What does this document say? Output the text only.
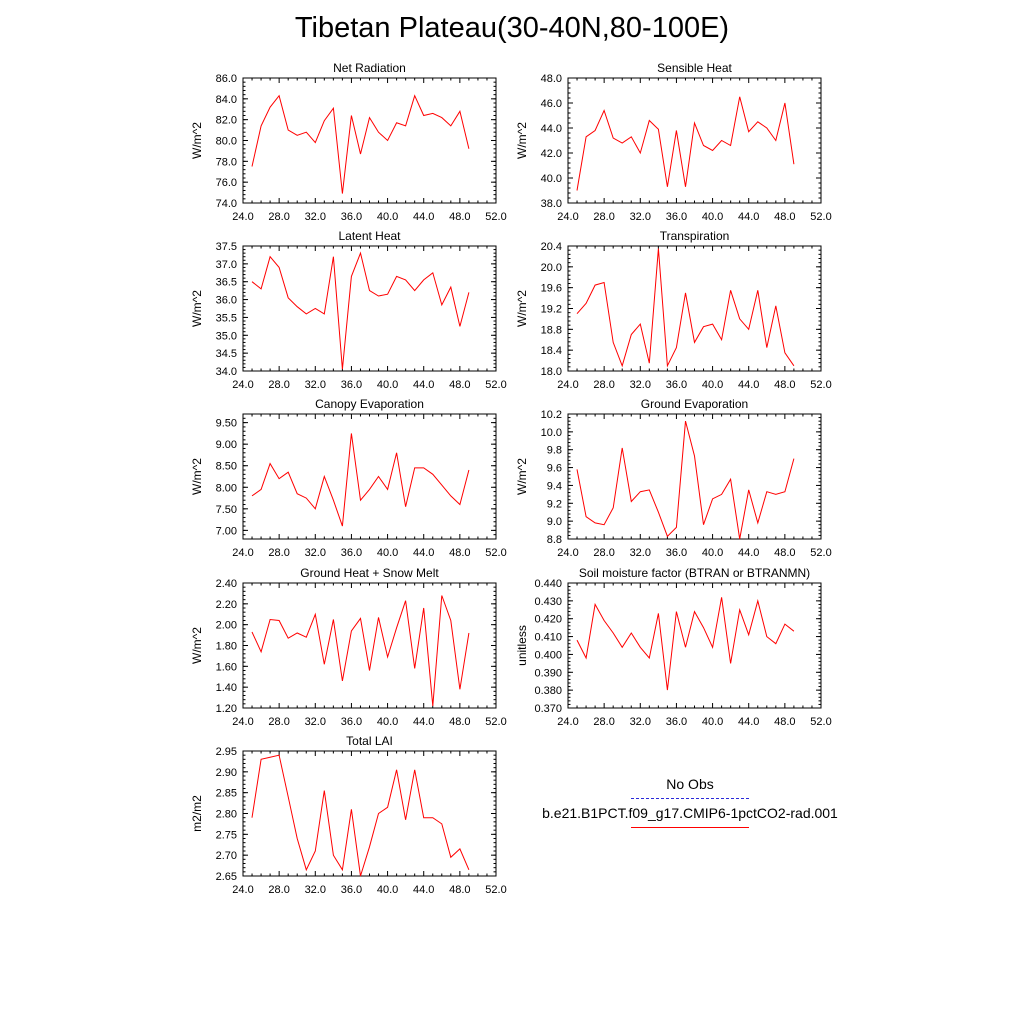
Tibetan Plateau(30-40N,80-100E)
Net Radiation
W/m^2
24.0 28.0 32.0 36.0 40.0 44.0 48.0 52.0
74.0
76.0
78.0
80.0
82.0
84.0
86.0
Sensible Heat
W/m^2
24.0 28.0 32.0 36.0 40.0 44.0 48.0 52.0
38.0
40.0
42.0
44.0
46.0
48.0
Latent Heat
W/m^2
24.0 28.0 32.0 36.0 40.0 44.0 48.0 52.0
34.0
34.5
35.0
35.5
36.0
36.5
37.0
37.5
Transpiration
W/m^2
24.0 28.0 32.0 36.0 40.0 44.0 48.0 52.0
18.0
18.4
18.8
19.2
19.6
20.0
20.4
Canopy Evaporation
W/m^2
24.0 28.0 32.0 36.0 40.0 44.0 48.0 52.0
7.00
7.50
8.00
8.50
9.00
9.50
Ground Evaporation
W/m^2
24.0 28.0 32.0 36.0 40.0 44.0 48.0 52.0
8.8
9.0
9.2
9.4
9.6
9.8
10.0
10.2
Ground Heat + Snow Melt
W/m^2
24.0 28.0 32.0 36.0 40.0 44.0 48.0 52.0
1.20
1.40
1.60
1.80
2.00
2.20
2.40
Soil moisture factor (BTRAN or BTRANMN)
unitless
24.0 28.0 32.0 36.0 40.0 44.0 48.0 52.0
0.370
0.380
0.390
0.400
0.410
0.420
0.430
0.440
Total LAI
m2/m2
24.0 28.0 32.0 36.0 40.0 44.0 48.0 52.0
2.65
2.70
2.75
2.80
2.85
2.90
2.95
No Obs
b.e21.B1PCT.f09_g17.CMIP6-1pctCO2-rad.001
